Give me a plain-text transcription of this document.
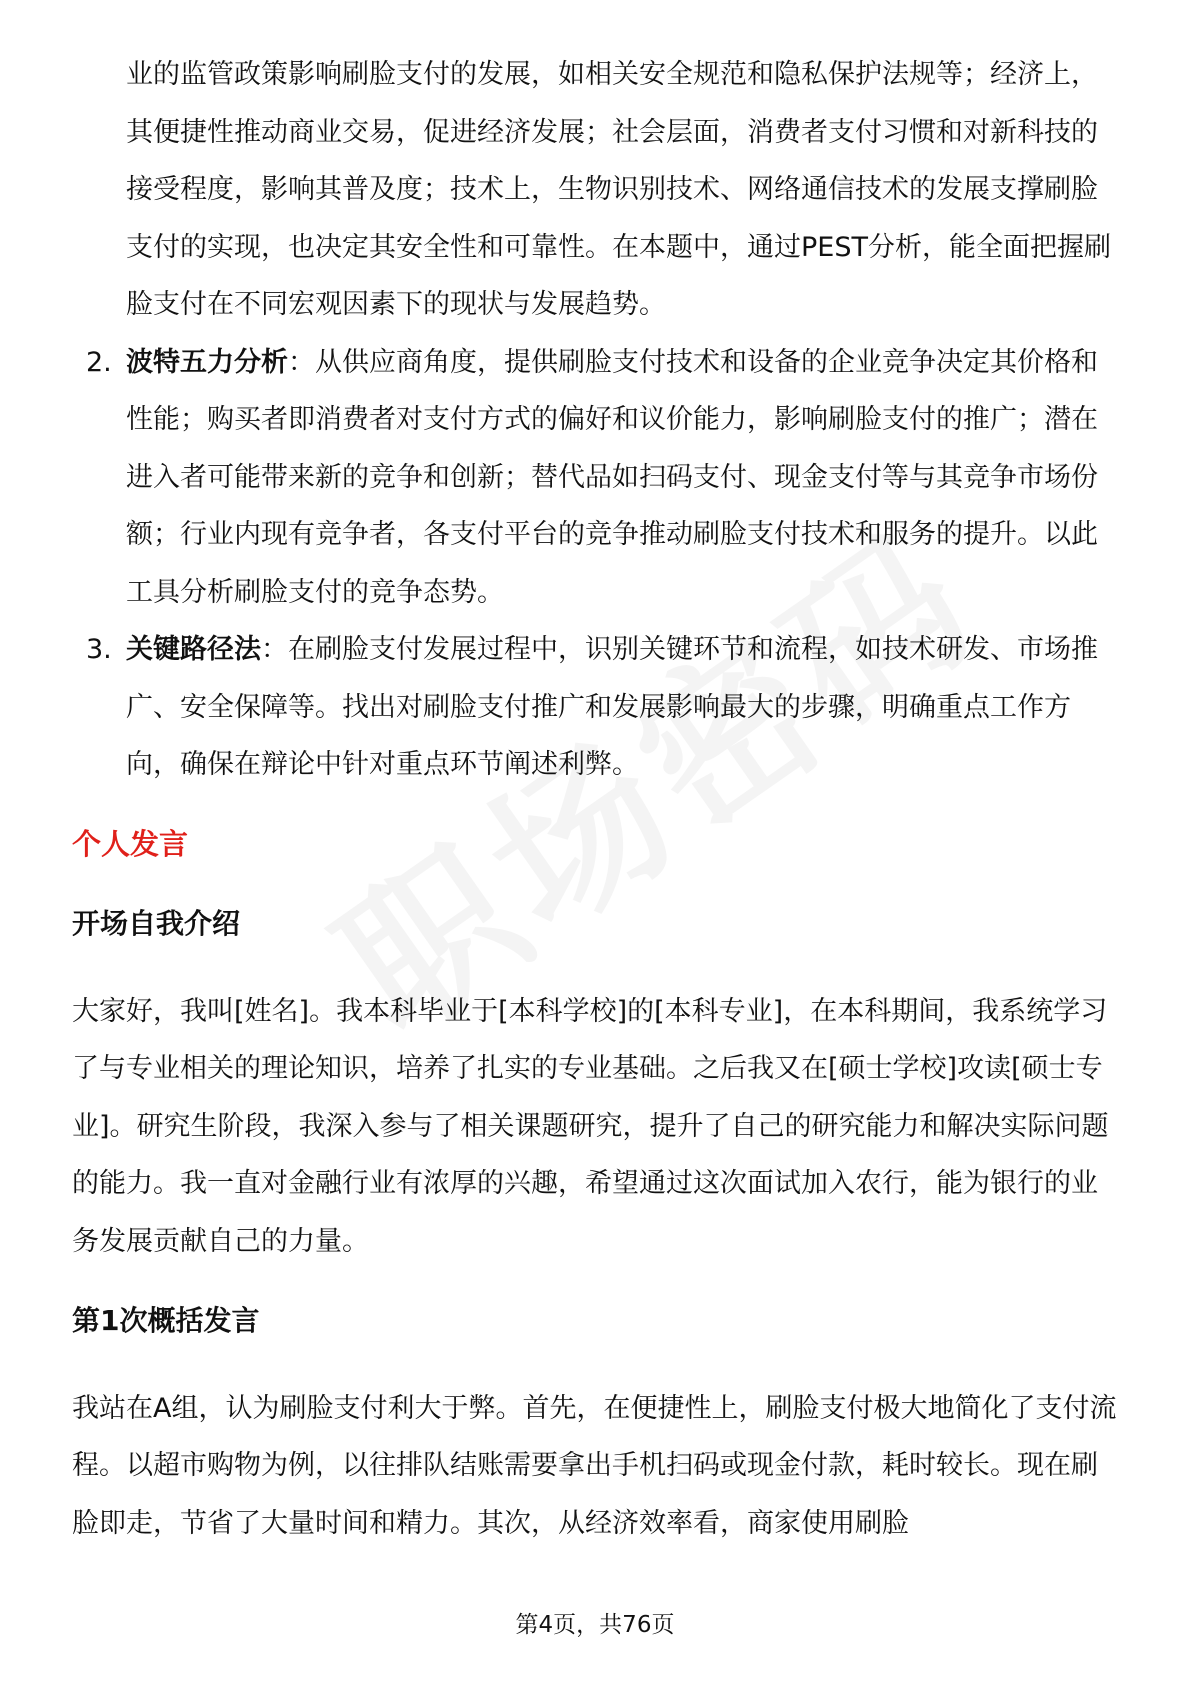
业的监管政策影响刷脸支付的发展，如相关安全规范和隐私保护法规等；经济上，其便捷性推动商业交易，促进经济发展；社会层面，消费者支付习惯和对新科技的接受程度，影响其普及度；技术上，生物识别技术、网络通信技术的发展支撑刷脸支付的实现，也决定其安全性和可靠性。在本题中，通过PEST分析，能全面把握刷脸支付在不同宏观因素下的现状与发展趋势。
2. 波特五力分析：从供应商角度，提供刷脸支付技术和设备的企业竞争决定其价格和性能；购买者即消费者对支付方式的偏好和议价能力，影响刷脸支付的推广；潜在进入者可能带来新的竞争和创新；替代品如扫码支付、现金支付等与其竞争市场份额；行业内现有竞争者，各支付平台的竞争推动刷脸支付技术和服务的提升。以此工具分析刷脸支付的竞争态势。
3. 关键路径法：在刷脸支付发展过程中，识别关键环节和流程，如技术研发、市场推广、安全保障等。找出对刷脸支付推广和发展影响最大的步骤，明确重点工作方向，确保在辩论中针对重点环节阐述利弊。
个人发言
开场自我介绍
大家好，我叫[姓名]。我本科毕业于[本科学校]的[本科专业]，在本科期间，我系统学习了与专业相关的理论知识，培养了扎实的专业基础。之后我又在[硕士学校]攻读[硕士专业]。研究生阶段，我深入参与了相关课题研究，提升了自己的研究能力和解决实际问题的能力。我一直对金融行业有浓厚的兴趣，希望通过这次面试加入农行，能为银行的业务发展贡献自己的力量。
第1次概括发言
我站在A组，认为刷脸支付利大于弊。首先，在便捷性上，刷脸支付极大地简化了支付流程。以超市购物为例，以往排队结账需要拿出手机扫码或现金付款，耗时较长。现在刷脸即走，节省了大量时间和精力。其次，从经济效率看，商家使用刷脸
第4页，共76页
